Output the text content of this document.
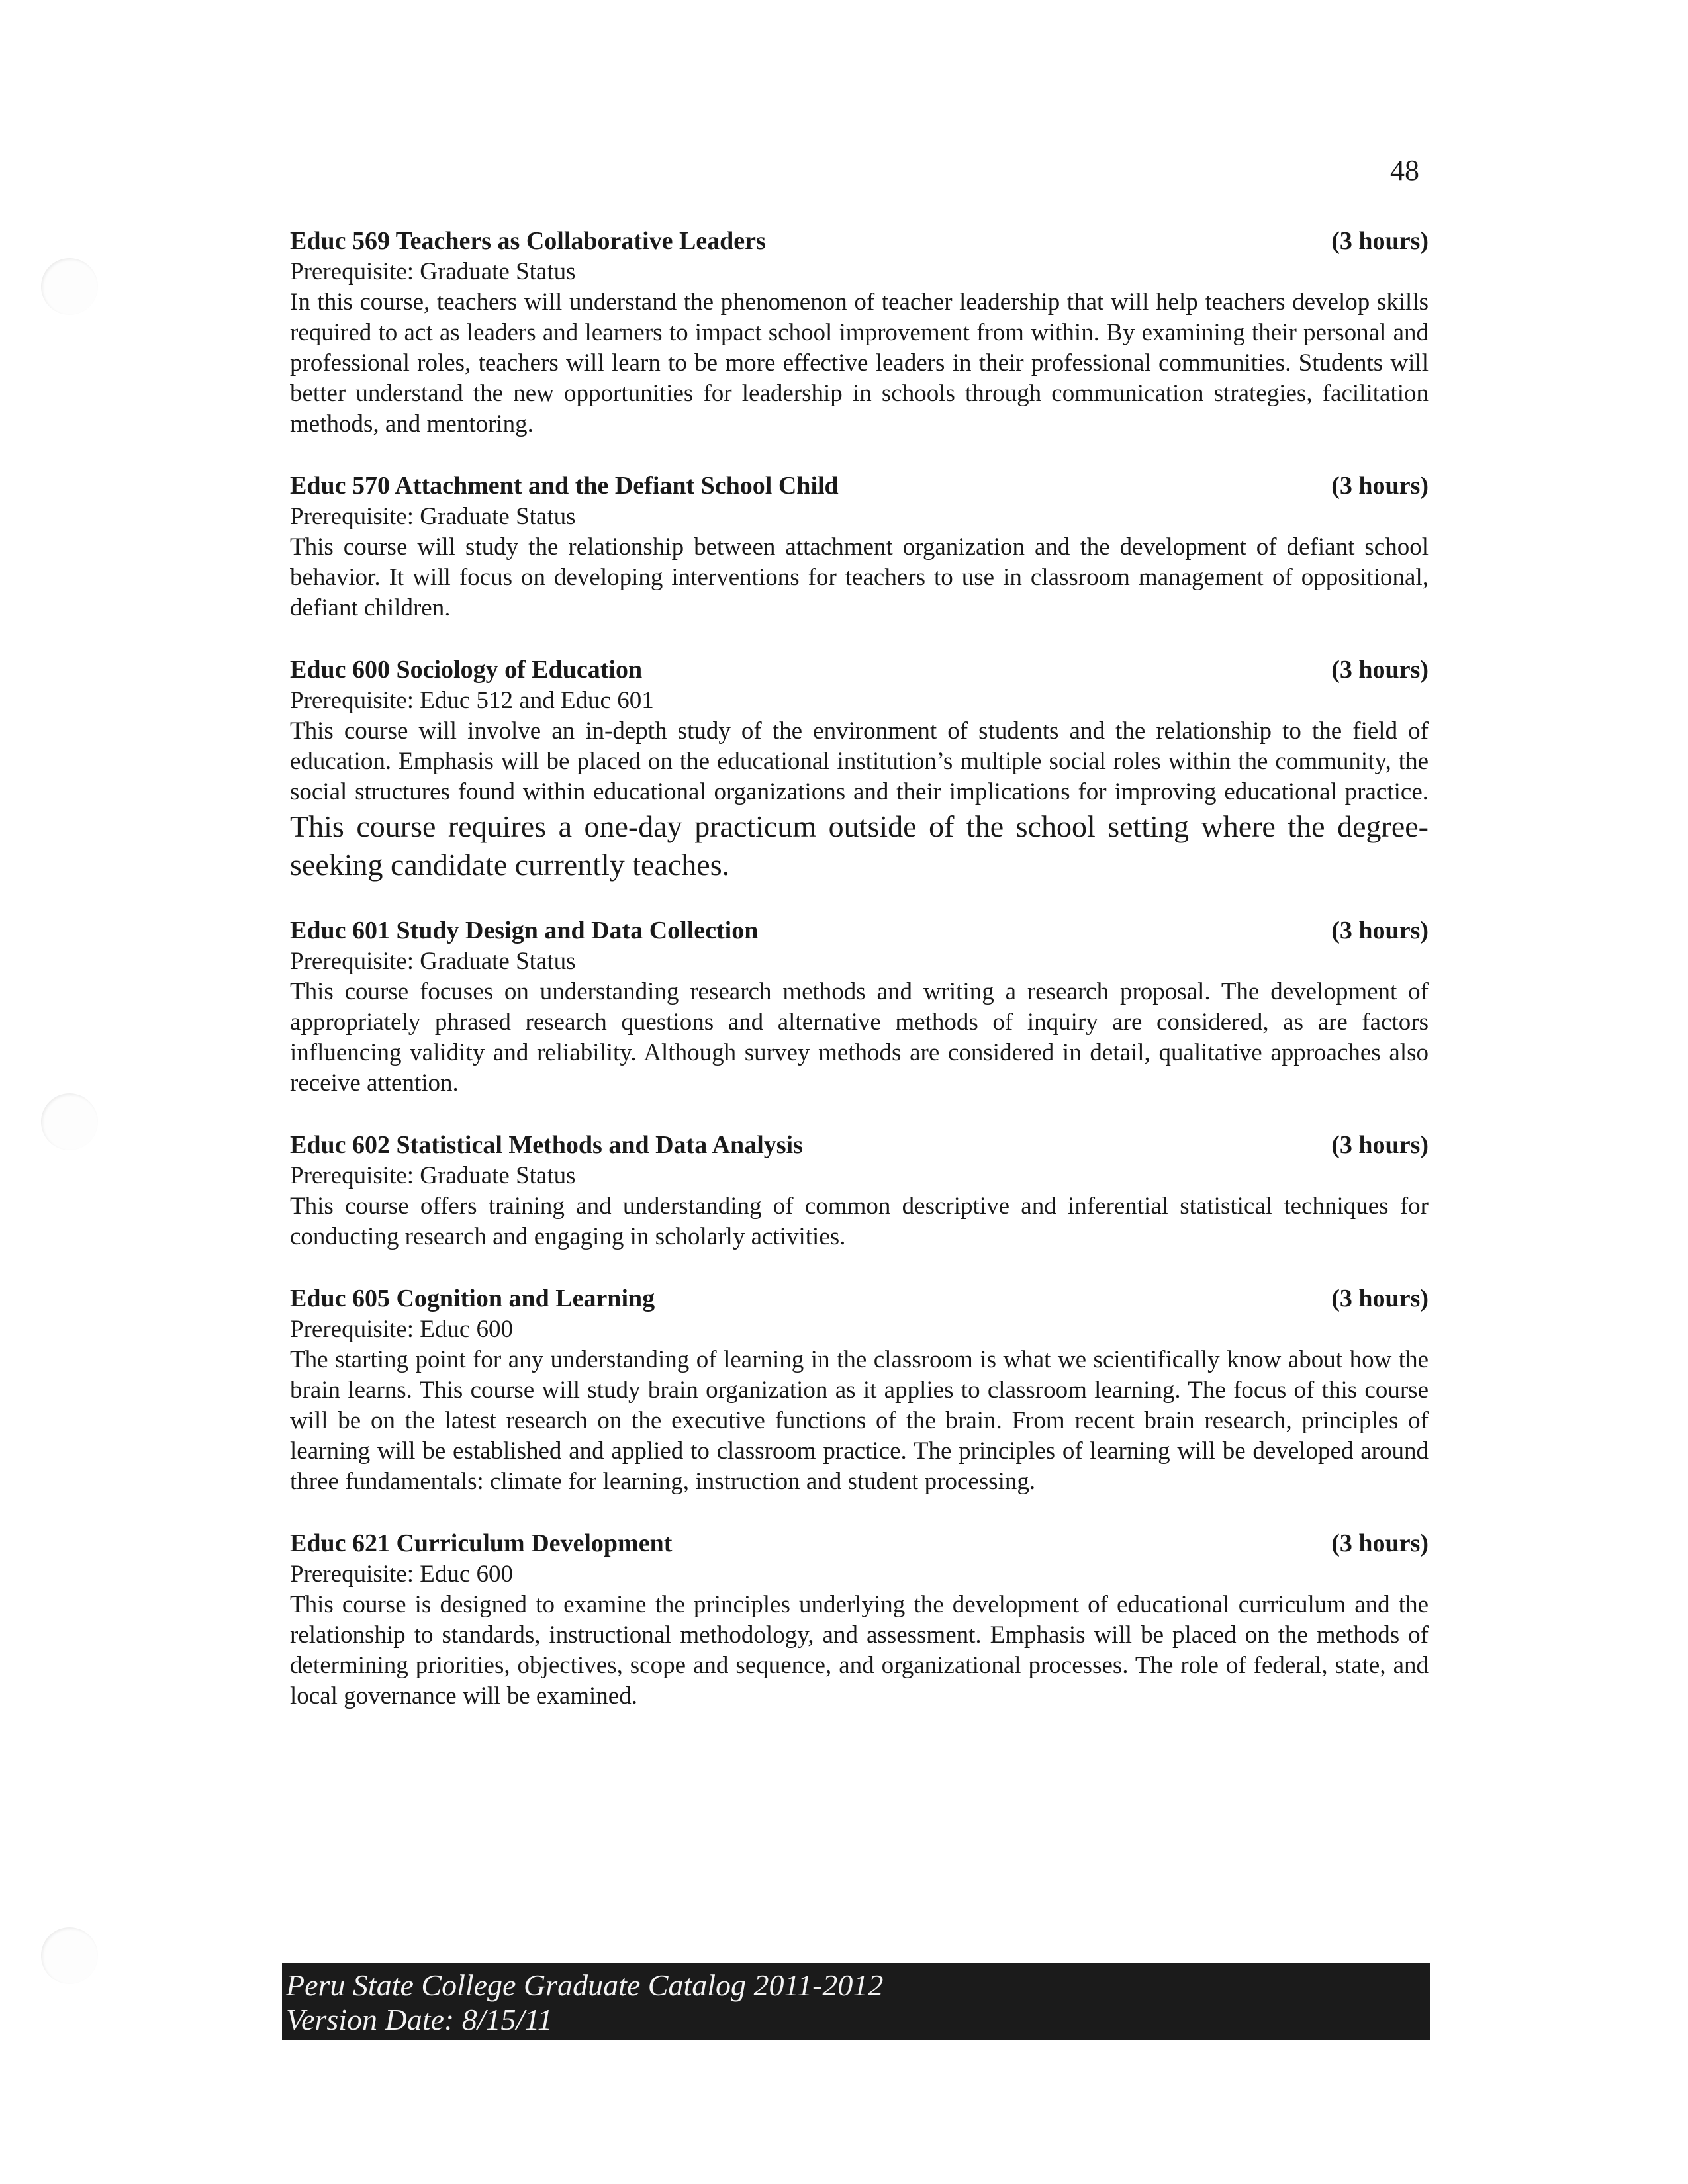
48
Educ 569 Teachers as Collaborative Leaders	(3 hours)
Prerequisite: Graduate Status

In this course, teachers will understand the phenomenon of teacher leadership that will help teachers develop skills required to act as leaders and learners to impact school improvement from within. By examining their personal and professional roles, teachers will learn to be more effective leaders in their professional communities. Students will better understand the new opportunities for leadership in schools through communication strategies, facilitation methods, and mentoring.

Educ 570 Attachment and the Defiant School Child	(3 hours)
Prerequisite: Graduate Status

This course will study the relationship between attachment organization and the development of defiant school behavior. It will focus on developing interventions for teachers to use in classroom management of oppositional, defiant children.

Educ 600 Sociology of Education	(3 hours)
Prerequisite: Educ 512 and Educ 601

This course will involve an in-depth study of the environment of students and the relationship to the field of education. Emphasis will be placed on the educational institution’s multiple social roles within the community, the social structures found within educational organizations and their implications for improving educational practice. This course requires a one-day practicum outside of the school setting where the degree-seeking candidate currently teaches.

Educ 601 Study Design and Data Collection	(3 hours)
Prerequisite: Graduate Status

This course focuses on understanding research methods and writing a research proposal. The development of appropriately phrased research questions and alternative methods of inquiry are considered, as are factors influencing validity and reliability. Although survey methods are considered in detail, qualitative approaches also receive attention.

Educ 602 Statistical Methods and Data Analysis	(3 hours)
Prerequisite: Graduate Status

This course offers training and understanding of common descriptive and inferential statistical techniques for conducting research and engaging in scholarly activities.

Educ 605 Cognition and Learning	(3 hours)
Prerequisite: Educ 600

The starting point for any understanding of learning in the classroom is what we scientifically know about how the brain learns. This course will study brain organization as it applies to classroom learning. The focus of this course will be on the latest research on the executive functions of the brain. From recent brain research, principles of learning will be established and applied to classroom practice. The principles of learning will be developed around three fundamentals: climate for learning, instruction and student processing.

Educ 621 Curriculum Development	(3 hours)
Prerequisite: Educ 600

This course is designed to examine the principles underlying the development of educational curriculum and the relationship to standards, instructional methodology, and assessment. Emphasis will be placed on the methods of determining priorities, objectives, scope and sequence, and organizational processes. The role of federal, state, and local governance will be examined.

Peru State College Graduate Catalog 2011-2012
Version Date: 8/15/11
